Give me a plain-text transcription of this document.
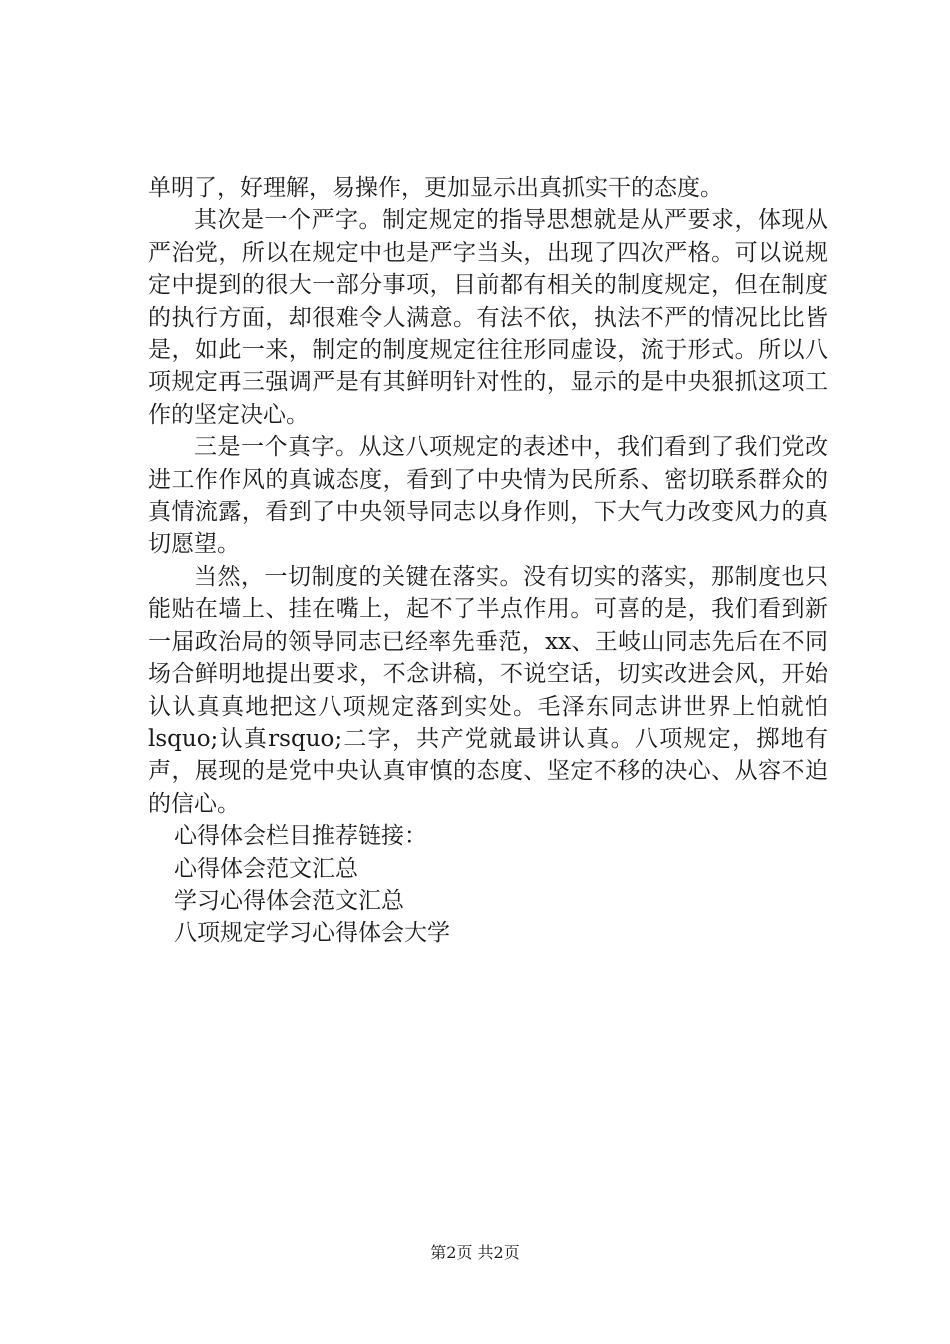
单明了，好理解，易操作，更加显示出真抓实干的态度。

其次是一个严字。制定规定的指导思想就是从严要求，体现从严治党，所以在规定中也是严字当头，出现了四次严格。可以说规定中提到的很大一部分事项，目前都有相关的制度规定，但在制度的执行方面，却很难令人满意。有法不依，执法不严的情况比比皆是，如此一来，制定的制度规定往往形同虚设，流于形式。所以八项规定再三强调严是有其鲜明针对性的，显示的是中央狠抓这项工作的坚定决心。

三是一个真字。从这八项规定的表述中，我们看到了我们党改进工作作风的真诚态度，看到了中央情为民所系、密切联系群众的真情流露，看到了中央领导同志以身作则，下大气力改变风力的真切愿望。

当然，一切制度的关键在落实。没有切实的落实，那制度也只能贴在墙上、挂在嘴上，起不了半点作用。可喜的是，我们看到新一届政治局的领导同志已经率先垂范，xx、王岐山同志先后在不同场合鲜明地提出要求，不念讲稿，不说空话，切实改进会风，开始认认真真地把这八项规定落到实处。毛泽东同志讲世界上怕就怕lsquo;认真rsquo;二字，共产党就最讲认真。八项规定，掷地有声，展现的是党中央认真审慎的态度、坚定不移的决心、从容不迫的信心。

心得体会栏目推荐链接：

心得体会范文汇总

学习心得体会范文汇总

八项规定学习心得体会大学

第2页 共2页
